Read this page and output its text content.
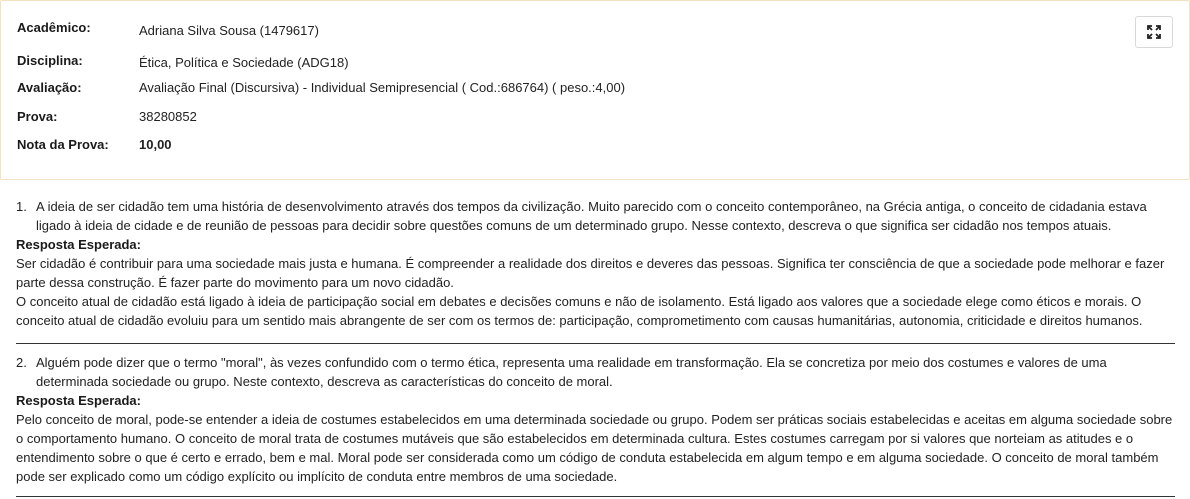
Acadêmico:	Adriana Silva Sousa (1479617)
Disciplina:	Ética, Política e Sociedade (ADG18)
Avaliação:	Avaliação Final (Discursiva) - Individual Semipresencial ( Cod.:686764) ( peso.:4,00)
Prova:	38280852
Nota da Prova:	10,00
1. A ideia de ser cidadão tem uma história de desenvolvimento através dos tempos da civilização. Muito parecido com o conceito contemporâneo, na Grécia antiga, o conceito de cidadania estava ligado à ideia de cidade e de reunião de pessoas para decidir sobre questões comuns de um determinado grupo. Nesse contexto, descreva o que significa ser cidadão nos tempos atuais.
Resposta Esperada:
Ser cidadão é contribuir para uma sociedade mais justa e humana. É compreender a realidade dos direitos e deveres das pessoas. Significa ter consciência de que a sociedade pode melhorar e fazer parte dessa construção. É fazer parte do movimento para um novo cidadão.
O conceito atual de cidadão está ligado à ideia de participação social em debates e decisões comuns e não de isolamento. Está ligado aos valores que a sociedade elege como éticos e morais. O conceito atual de cidadão evoluiu para um sentido mais abrangente de ser com os termos de: participação, comprometimento com causas humanitárias, autonomia, criticidade e direitos humanos.
2. Alguém pode dizer que o termo "moral", às vezes confundido com o termo ética, representa uma realidade em transformação. Ela se concretiza por meio dos costumes e valores de uma determinada sociedade ou grupo. Neste contexto, descreva as características do conceito de moral.
Resposta Esperada:
Pelo conceito de moral, pode-se entender a ideia de costumes estabelecidos em uma determinada sociedade ou grupo. Podem ser práticas sociais estabelecidas e aceitas em alguma sociedade sobre o comportamento humano. O conceito de moral trata de costumes mutáveis que são estabelecidos em determinada cultura. Estes costumes carregam por si valores que norteiam as atitudes e o entendimento sobre o que é certo e errado, bem e mal. Moral pode ser considerada como um código de conduta estabelecida em algum tempo e em alguma sociedade. O conceito de moral também pode ser explicado como um código explícito ou implícito de conduta entre membros de uma sociedade.
